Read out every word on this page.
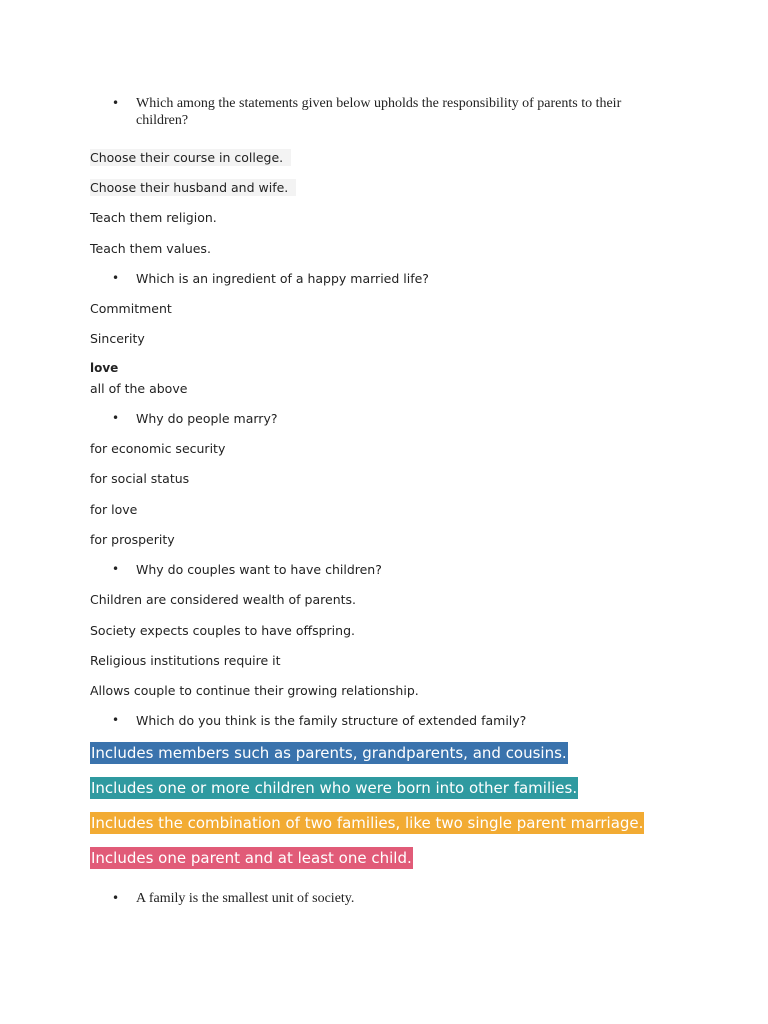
• Which among the statements given below upholds the responsibility of parents to their children?
Choose their course in college.
Choose their husband and wife.
Teach them religion.
Teach them values.
• Which is an ingredient of a happy married life?
Commitment
Sincerity
love
all of the above
• Why do people marry?
for economic security
for social status
for love
for prosperity
• Why do couples want to have children?
Children are considered wealth of parents.
Society expects couples to have offspring.
Religious institutions require it
Allows couple to continue their growing relationship.
• Which do you think is the family structure of extended family?
Includes members such as parents, grandparents, and cousins.
Includes one or more children who were born into other families.
Includes the combination of two families, like two single parent marriage.
Includes one parent and at least one child.
• A family is the smallest unit of society.
